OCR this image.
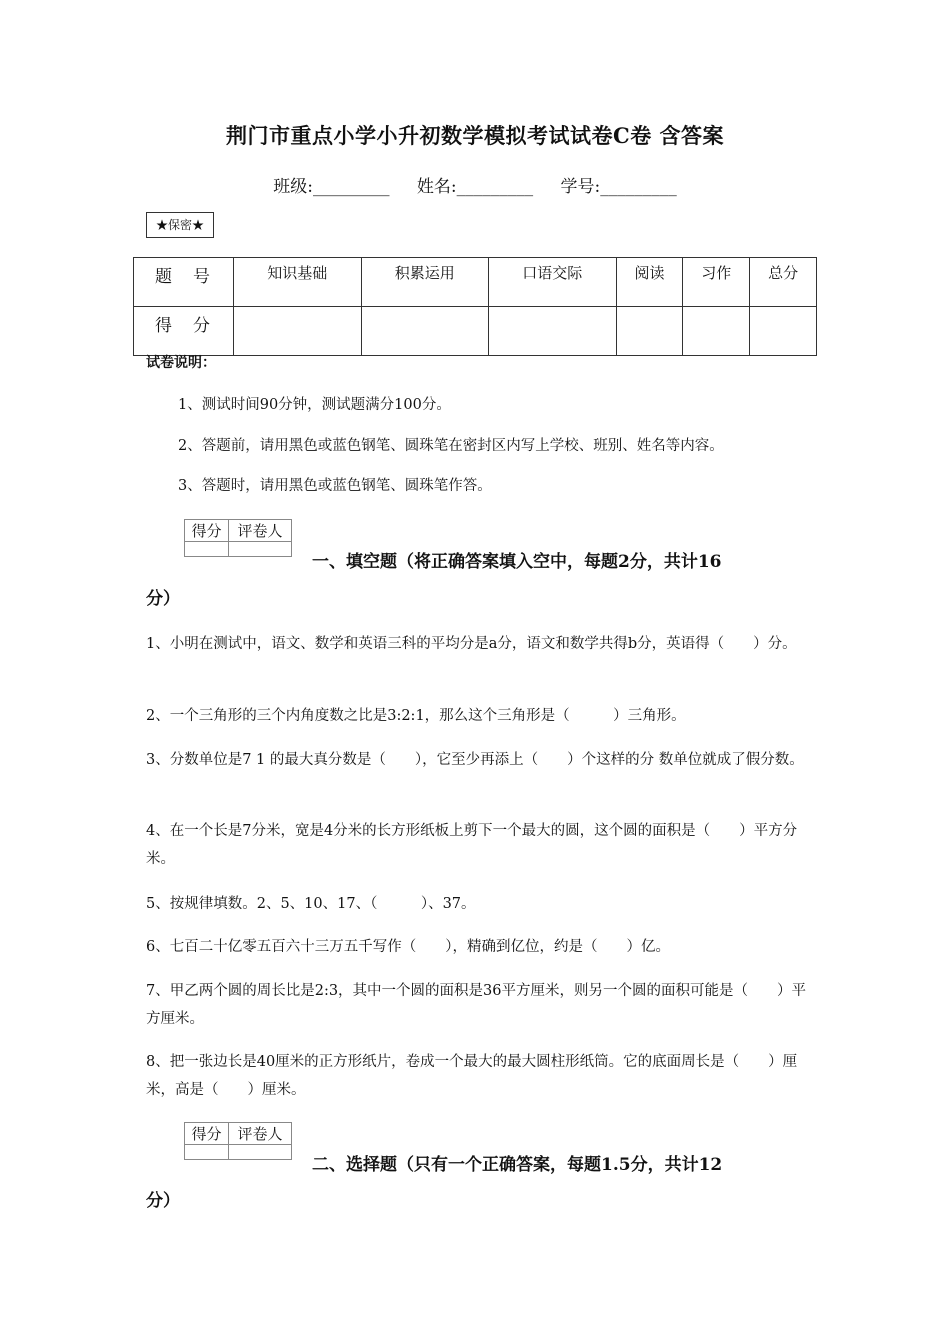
荆门市重点小学小升初数学模拟考试试卷C卷 含答案
班级:_________ 姓名:_________ 学号:_________
★保密★
题　号	知识基础	积累运用	口语交际	阅读	习作	总分
得　分						
试卷说明：
1、测试时间90分钟，测试题满分100分。
2、答题前，请用黑色或蓝色钢笔、圆珠笔在密封区内写上学校、班别、姓名等内容。
3、答题时，请用黑色或蓝色钢笔、圆珠笔作答。
得分	评卷人

一、填空题（将正确答案填入空中，每题2分，共计16
分）
1、小明在测试中，语文、数学和英语三科的平均分是a分，语文和数学共得b分，英语得（　　）分。
2、一个三角形的三个内角度数之比是3:2:1，那么这个三角形是（　　　）三角形。
3、分数单位是7 1 的最大真分数是（　　），它至少再添上（　　）个这样的分 数单位就成了假分数。
4、在一个长是7分米，宽是4分米的长方形纸板上剪下一个最大的圆，这个圆的面积是（　　）平方分米。
5、按规律填数。2、5、10、17、（　　　）、37。
6、七百二十亿零五百六十三万五千写作（　　），精确到亿位，约是（　　）亿。
7、甲乙两个圆的周长比是2:3，其中一个圆的面积是36平方厘米，则另一个圆的面积可能是（　　）平方厘米。
8、把一张边长是40厘米的正方形纸片，卷成一个最大的最大圆柱形纸筒。它的底面周长是（　　）厘米，高是（　　）厘米。
得分	评卷人

二、选择题（只有一个正确答案，每题1.5分，共计12
分）
